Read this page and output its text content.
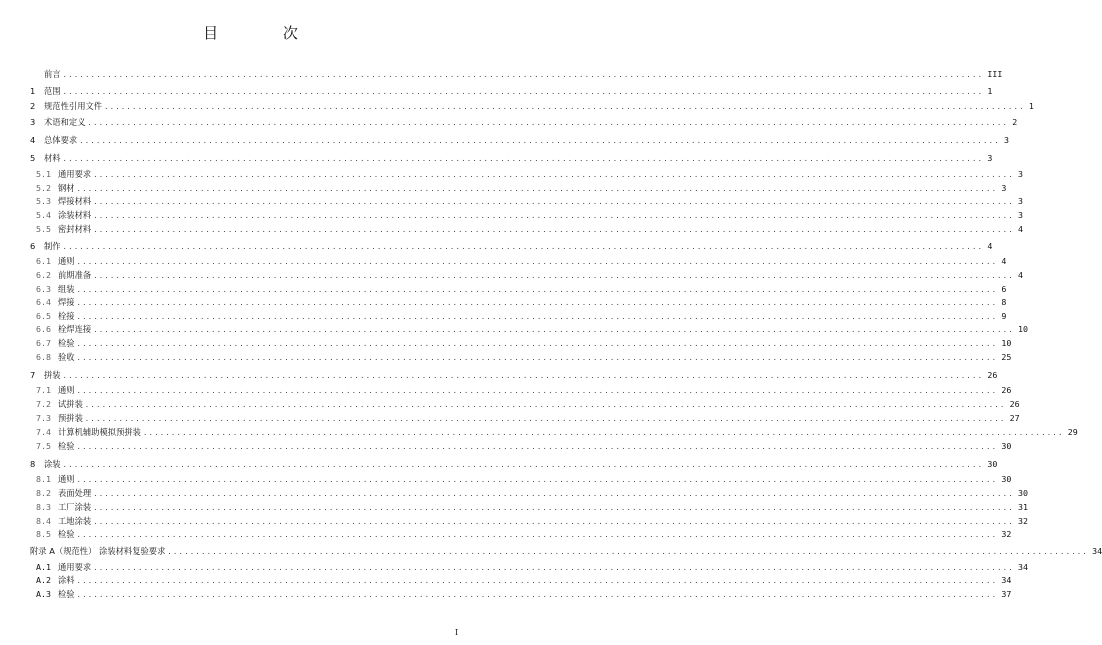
目 次
前言 .................................................................................................................................................................... III
1	范围 .................................................................................................................................................................... 1
2	规范性引用文件 .................................................................................................................................................................... 1
3	术语和定义 .................................................................................................................................................................... 2
4	总体要求 .................................................................................................................................................................... 3
5	材料 .................................................................................................................................................................... 3
5.1 通用要求 .................................................................................................................................................................... 3
5.2 钢材 .................................................................................................................................................................... 3
5.3 焊接材料 .................................................................................................................................................................... 3
5.4 涂装材料 .................................................................................................................................................................... 3
5.5 密封材料 .................................................................................................................................................................... 4
6	制作 .................................................................................................................................................................... 4
6.1 通则 .................................................................................................................................................................... 4
6.2 前期准备 .................................................................................................................................................................... 4
6.3 组装 .................................................................................................................................................................... 6
6.4 焊接 .................................................................................................................................................................... 8
6.5 栓接 .................................................................................................................................................................... 9
6.6 栓焊连接 .................................................................................................................................................................... 10
6.7 检验 .................................................................................................................................................................... 10
6.8 验收 .................................................................................................................................................................... 25
7	拼装 .................................................................................................................................................................... 26
7.1 通则 .................................................................................................................................................................... 26
7.2 试拼装 .................................................................................................................................................................... 26
7.3 预拼装 .................................................................................................................................................................... 27
7.4 计算机辅助模拟预拼装 .................................................................................................................................................................... 29
7.5 检验 .................................................................................................................................................................... 30
8	涂装 .................................................................................................................................................................... 30
8.1 通则 .................................................................................................................................................................... 30
8.2 表面处理 .................................................................................................................................................................... 30
8.3 工厂涂装 .................................................................................................................................................................... 31
8.4 工地涂装 .................................................................................................................................................................... 32
8.5 检验 .................................................................................................................................................................... 32
附录 A（规范性） 涂装材料复验要求 .................................................................................................................................................................... 34
A.1 通用要求 .................................................................................................................................................................... 34
A.2 涂料 .................................................................................................................................................................... 34
A.3 检验 .................................................................................................................................................................... 37
I
